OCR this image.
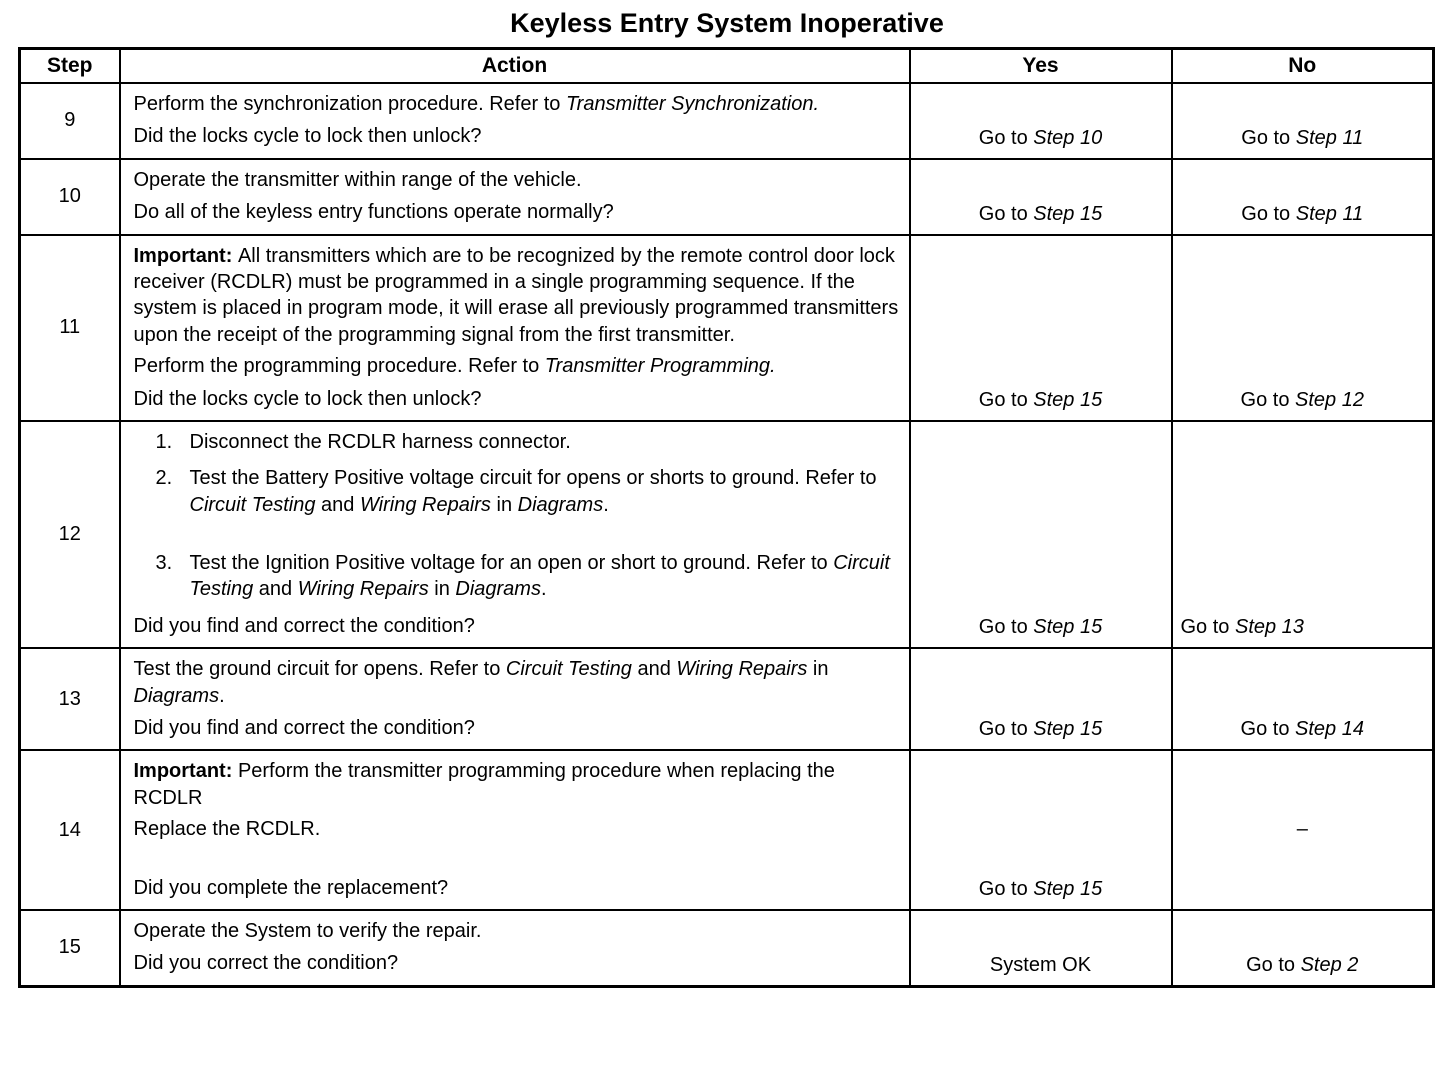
Keyless Entry System Inoperative
Step	Action	Yes	No
9	Perform the synchronization procedure. Refer to Transmitter Synchronization.
Did the locks cycle to lock then unlock?	Go to Step 10	Go to Step 11
10	Operate the transmitter within range of the vehicle.
Do all of the keyless entry functions operate normally?	Go to Step 15	Go to Step 11
11	Important: All transmitters which are to be recognized by the remote control door lock receiver (RCDLR) must be programmed in a single programming sequence. If the system is placed in program mode, it will erase all previously programmed transmitters upon the receipt of the programming signal from the first transmitter.
Perform the programming procedure. Refer to Transmitter Programming.
Did the locks cycle to lock then unlock?	Go to Step 15	Go to Step 12
12	
1. Disconnect the RCDLR harness connector.
2. Test the Battery Positive voltage circuit for opens or shorts to ground. Refer to Circuit Testing and Wiring Repairs in Diagrams.
3. Test the Ignition Positive voltage for an open or short to ground. Refer to Circuit Testing and Wiring Repairs in Diagrams.
Did you find and correct the condition?	Go to Step 15	Go to Step 13
13	Test the ground circuit for opens. Refer to Circuit Testing and Wiring Repairs in Diagrams.
Did you find and correct the condition?	Go to Step 15	Go to Step 14
14	Important: Perform the transmitter programming procedure when replacing the RCDLR
Replace the RCDLR.
Did you complete the replacement?	Go to Step 15	–
15	Operate the System to verify the repair.
Did you correct the condition?	System OK	Go to Step 2
